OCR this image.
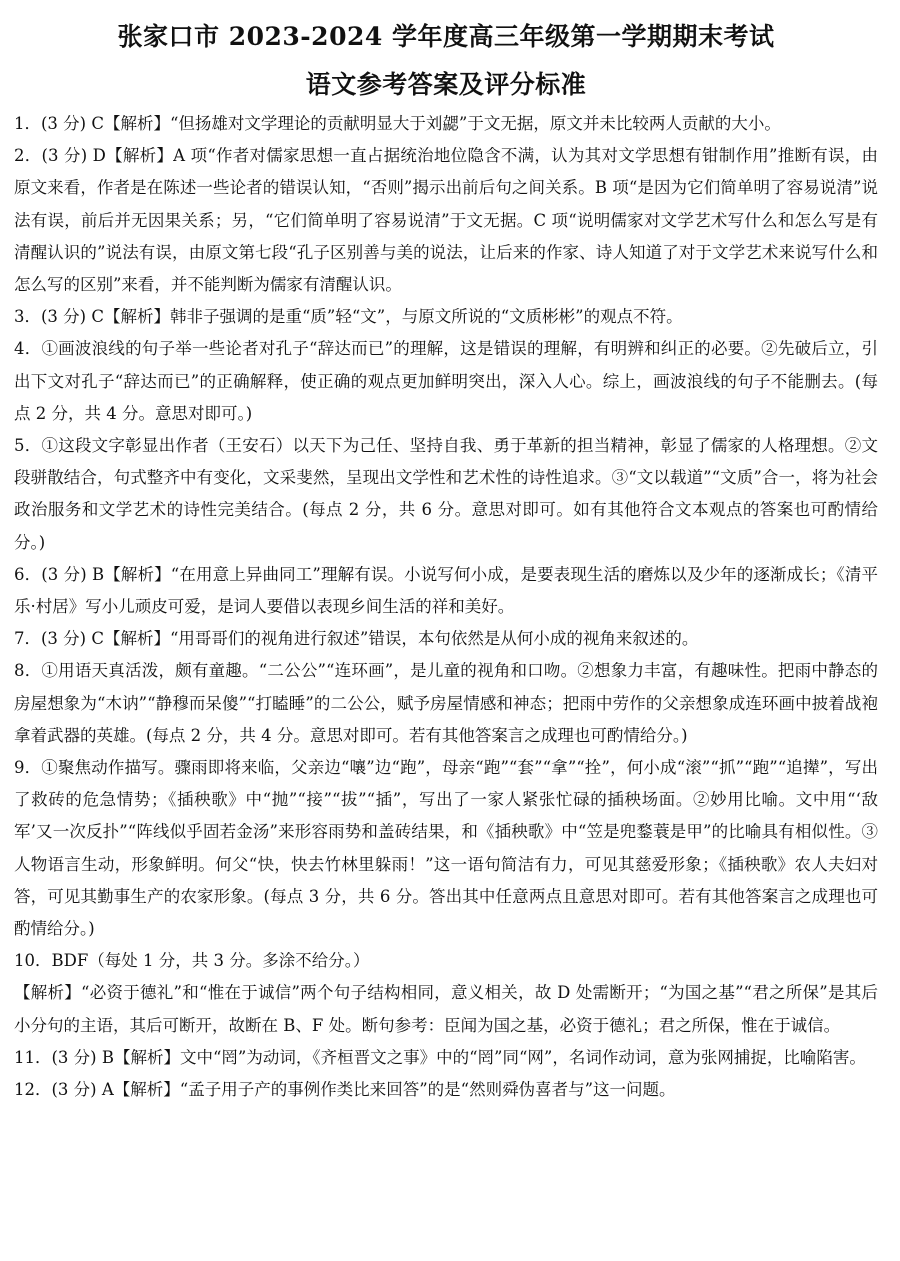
张家口市 2023-2024 学年度高三年级第一学期期末考试
语文参考答案及评分标准

1．(3 分) C【解析】“但扬雄对文学理论的贡献明显大于刘勰”于文无据，原文并未比较两人贡献的大小。

2．(3 分) D【解析】A 项“作者对儒家思想一直占据统治地位隐含不满，认为其对文学思想有钳制作用”推断有误，由原文来看，作者是在陈述一些论者的错误认知，“否则”揭示出前后句之间关系。B 项“是因为它们简单明了容易说清”说法有误，前后并无因果关系；另，“它们简单明了容易说清”于文无据。C 项“说明儒家对文学艺术写什么和怎么写是有清醒认识的”说法有误，由原文第七段“孔子区别善与美的说法，让后来的作家、诗人知道了对于文学艺术来说写什么和怎么写的区别”来看，并不能判断为儒家有清醒认识。

3．(3 分) C【解析】韩非子强调的是重“质”轻“文”，与原文所说的“文质彬彬”的观点不符。

4．①画波浪线的句子举一些论者对孔子“辞达而已”的理解，这是错误的理解，有明辨和纠正的必要。②先破后立，引出下文对孔子“辞达而已”的正确解释，使正确的观点更加鲜明突出，深入人心。综上，画波浪线的句子不能删去。(每点 2 分，共 4 分。意思对即可。)

5．①这段文字彰显出作者（王安石）以天下为己任、坚持自我、勇于革新的担当精神，彰显了儒家的人格理想。②文段骈散结合，句式整齐中有变化，文采斐然，呈现出文学性和艺术性的诗性追求。③“文以载道”“文质”合一，将为社会政治服务和文学艺术的诗性完美结合。(每点 2 分，共 6 分。意思对即可。如有其他符合文本观点的答案也可酌情给分。)

6．(3 分) B【解析】“在用意上异曲同工”理解有误。小说写何小成，是要表现生活的磨炼以及少年的逐渐成长；《清平乐·村居》写小儿顽皮可爱，是词人要借以表现乡间生活的祥和美好。

7．(3 分) C【解析】“用哥哥们的视角进行叙述”错误，本句依然是从何小成的视角来叙述的。

8．①用语天真活泼，颇有童趣。“二公公”“连环画”，是儿童的视角和口吻。②想象力丰富，有趣味性。把雨中静态的房屋想象为“木讷”“静穆而呆傻”“打瞌睡”的二公公，赋予房屋情感和神态；把雨中劳作的父亲想象成连环画中披着战袍拿着武器的英雄。(每点 2 分，共 4 分。意思对即可。若有其他答案言之成理也可酌情给分。)

9．①聚焦动作描写。骤雨即将来临，父亲边“嚷”边“跑”，母亲“跑”“套”“拿”“拴”，何小成“滚”“抓”“跑”“追撵”，写出了救砖的危急情势；《插秧歌》中“抛”“接”“拔”“插”，写出了一家人紧张忙碌的插秧场面。②妙用比喻。文中用“‘敌军’又一次反扑”“阵线似乎固若金汤”来形容雨势和盖砖结果，和《插秧歌》中“笠是兜鍪蓑是甲”的比喻具有相似性。③人物语言生动，形象鲜明。何父“快，快去竹林里躲雨！”这一语句简洁有力，可见其慈爱形象；《插秧歌》农人夫妇对答，可见其勤事生产的农家形象。(每点 3 分，共 6 分。答出其中任意两点且意思对即可。若有其他答案言之成理也可酌情给分。)

10．BDF（每处 1 分，共 3 分。多涂不给分。）

【解析】“必资于德礼”和“惟在于诚信”两个句子结构相同，意义相关，故 D 处需断开；“为国之基”“君之所保”是其后小分句的主语，其后可断开，故断在 B、F 处。断句参考：臣闻为国之基，必资于德礼；君之所保，惟在于诚信。

11．(3 分) B【解析】文中“罔”为动词，《齐桓晋文之事》中的“罔”同“网”，名词作动词，意为张网捕捉，比喻陷害。

12．(3 分) A【解析】“孟子用子产的事例作类比来回答”的是“然则舜伪喜者与”这一问题。
